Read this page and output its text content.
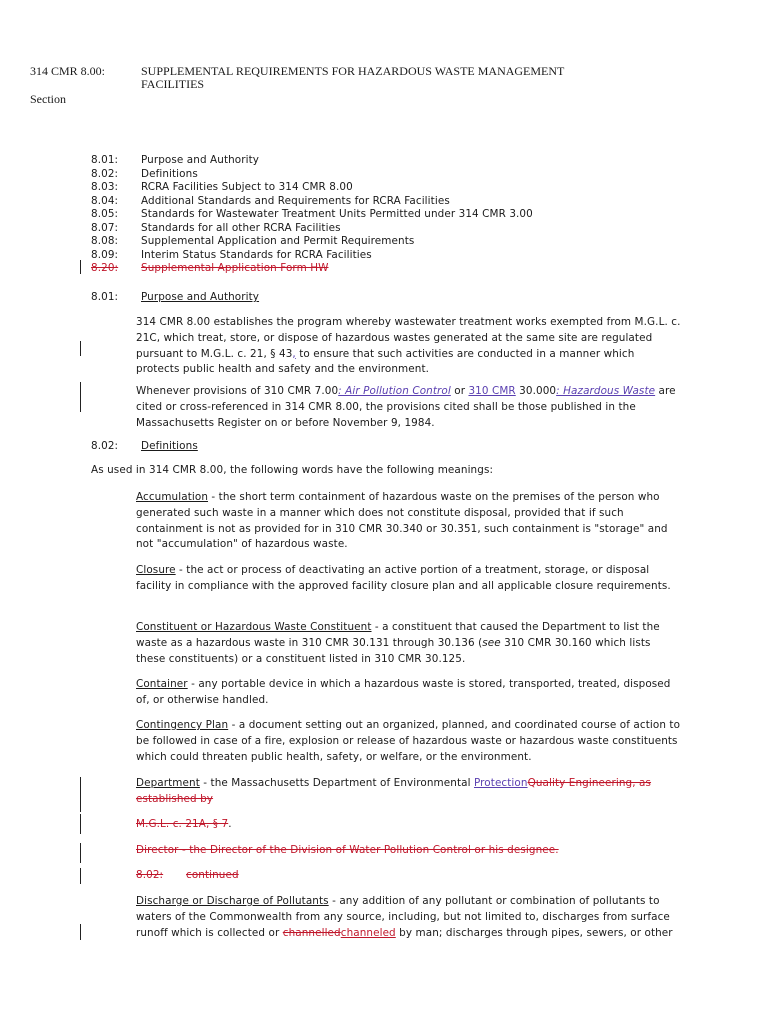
314 CMR 8.00:	SUPPLEMENTAL REQUIREMENTS FOR HAZARDOUS WASTE MANAGEMENT
FACILITIES
Section
8.01: Purpose and Authority
8.02: Definitions
8.03: RCRA Facilities Subject to 314 CMR 8.00
8.04: Additional Standards and Requirements for RCRA Facilities
8.05: Standards for Wastewater Treatment Units Permitted under 314 CMR 3.00
8.07: Standards for all other RCRA Facilities
8.08: Supplemental Application and Permit Requirements
8.09: Interim Status Standards for RCRA Facilities
8.20: Supplemental Application Form HW
8.01: Purpose and Authority
314 CMR 8.00 establishes the program whereby wastewater treatment works exempted from M.G.L. c. 21C, which treat, store, or dispose of hazardous wastes generated at the same site are regulated pursuant to M.G.L. c. 21, § 43, to ensure that such activities are conducted in a manner which protects public health and safety and the environment.
Whenever provisions of 310 CMR 7.00: Air Pollution Control or 310 CMR 30.000: Hazardous Waste are cited or cross-referenced in 314 CMR 8.00, the provisions cited shall be those published in the Massachusetts Register on or before November 9, 1984.
8.02: Definitions
As used in 314 CMR 8.00, the following words have the following meanings:
Accumulation - the short term containment of hazardous waste on the premises of the person who generated such waste in a manner which does not constitute disposal, provided that if such containment is not as provided for in 310 CMR 30.340 or 30.351, such containment is "storage" and not "accumulation" of hazardous waste.
Closure - the act or process of deactivating an active portion of a treatment, storage, or disposal facility in compliance with the approved facility closure plan and all applicable closure requirements.
Constituent or Hazardous Waste Constituent - a constituent that caused the Department to list the waste as a hazardous waste in 310 CMR 30.131 through 30.136 (see 310 CMR 30.160 which lists these constituents) or a constituent listed in 310 CMR 30.125.
Container - any portable device in which a hazardous waste is stored, transported, treated, disposed of, or otherwise handled.
Contingency Plan - a document setting out an organized, planned, and coordinated course of action to be followed in case of a fire, explosion or release of hazardous waste or hazardous waste constituents which could threaten public health, safety, or welfare, or the environment.
Department - the Massachusetts Department of Environmental ProtectionQuality Engineering, as established by
M.G.L. c. 21A, § 7.
Director - the Director of the Division of Water Pollution Control or his designee.
8.02: continued
Discharge or Discharge of Pollutants - any addition of any pollutant or combination of pollutants to waters of the Commonwealth from any source, including, but not limited to, discharges from surface runoff which is collected or channelledchanneled by man; discharges through pipes, sewers, or other
